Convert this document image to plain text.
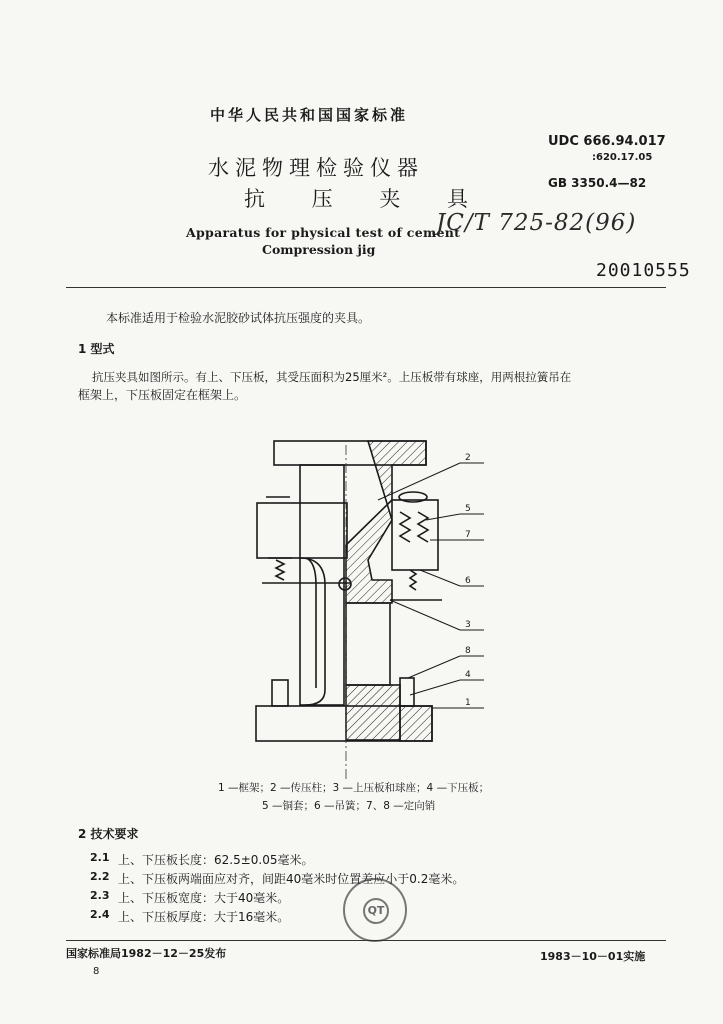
中华人民共和国国家标准
水泥物理检验仪器
抗 压 夹 具
Apparatus for physical test of cement
Compression jig
UDC 666.94.017
:620.17.05
GB 3350.4—82
JC/T 725-82(96)
20010555
本标准适用于检验水泥胶砂试体抗压强度的夹具。
1 型式
抗压夹具如图所示。有上、下压板，其受压面积为25厘米²。上压板带有球座，用两根拉簧吊在
框架上，下压板固定在框架上。
2
5
7
6
3
8
4
1
1 —框架；2 —传压柱；3 —上压板和球座；4 —下压板；
5 —铜套；6 —吊簧；7、8 —定向销
2 技术要求
2.1 上、下压板长度：62.5±0.05毫米。
2.2 上、下压板两端面应对齐，间距40毫米时位置差应小于0.2毫米。
2.3 上、下压板宽度：大于40毫米。
2.4 上、下压板厚度：大于16毫米。	QT
国家标准局1982－12－25发布	1983－10－01实施
8
